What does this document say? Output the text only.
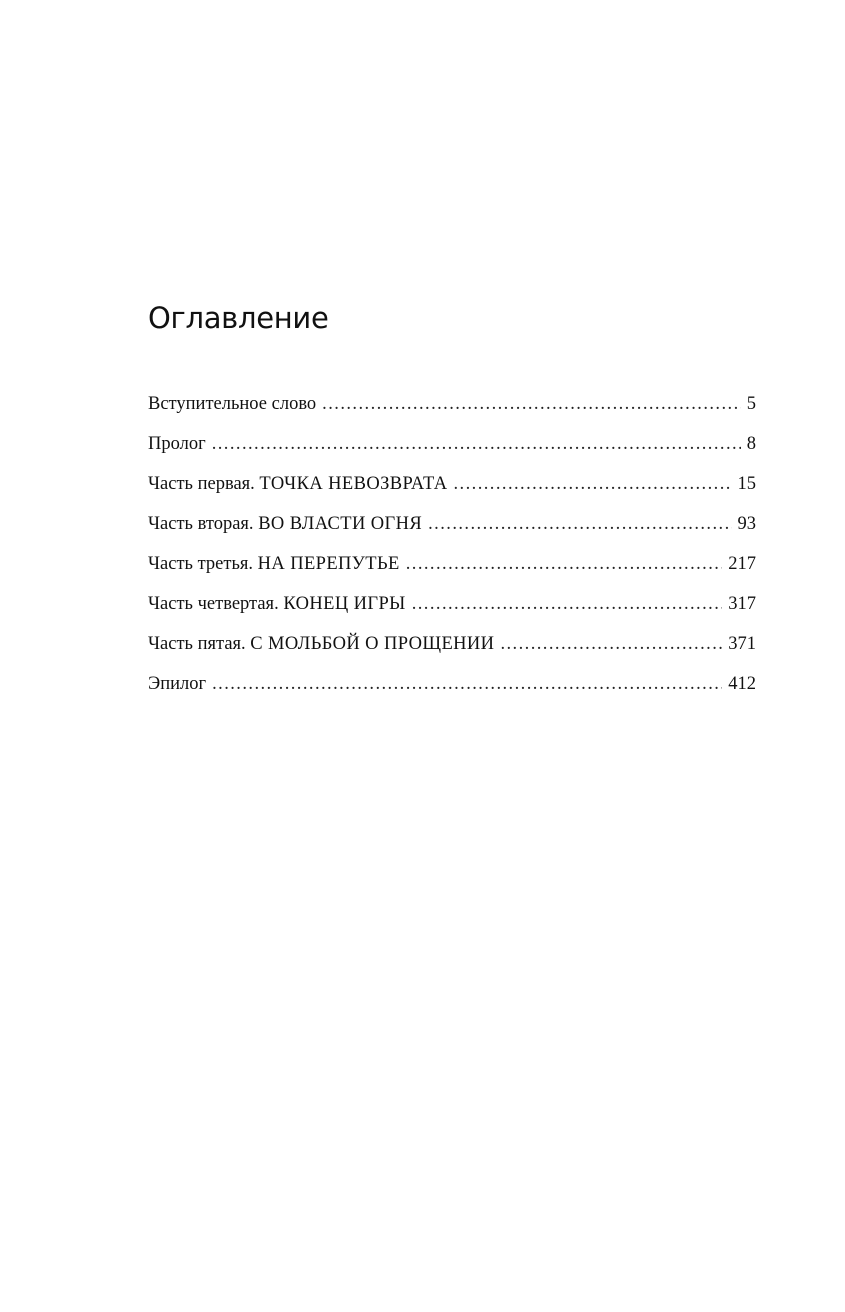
Оглавление
Вступительное слово . . .	5
Пролог . . .	8
Часть первая. ТОЧКА НЕВОЗВРАТА . . .	15
Часть вторая. ВО ВЛАСТИ ОГНЯ . . .	93
Часть третья. НА ПЕРЕПУТЬЕ . . .	217
Часть четвертая. КОНЕЦ ИГРЫ . . .	317
Часть пятая. С МОЛЬБОЙ О ПРОЩЕНИИ . . .	371
Эпилог . . .	412
